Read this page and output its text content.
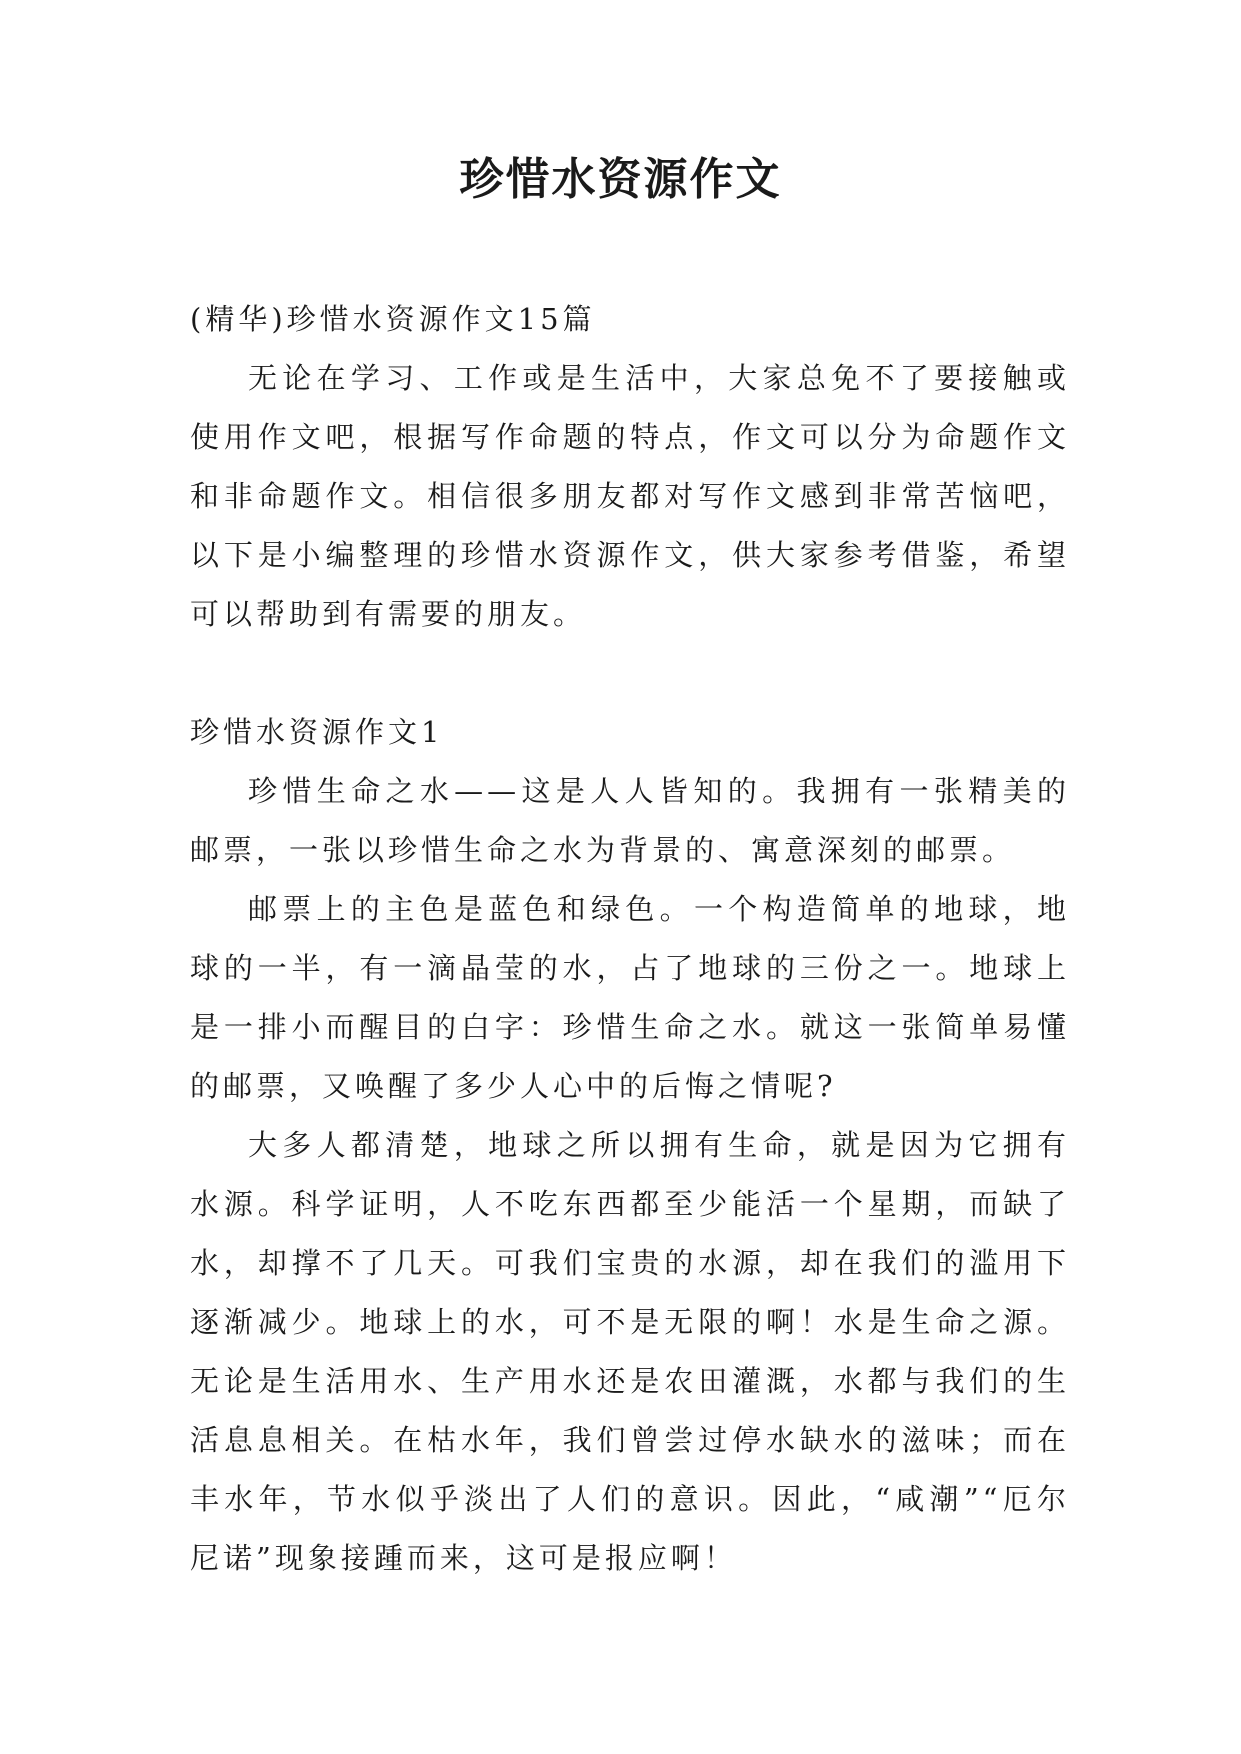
珍惜水资源作文

(精华)珍惜水资源作文15篇

无论在学习、工作或是生活中，大家总免不了要接触或使用作文吧，根据写作命题的特点，作文可以分为命题作文和非命题作文。相信很多朋友都对写作文感到非常苦恼吧，以下是小编整理的珍惜水资源作文，供大家参考借鉴，希望可以帮助到有需要的朋友。

珍惜水资源作文1

珍惜生命之水——这是人人皆知的。我拥有一张精美的邮票，一张以珍惜生命之水为背景的、寓意深刻的邮票。

邮票上的主色是蓝色和绿色。一个构造简单的地球，地球的一半，有一滴晶莹的水，占了地球的三份之一。地球上是一排小而醒目的白字：珍惜生命之水。就这一张简单易懂的邮票，又唤醒了多少人心中的后悔之情呢?

大多人都清楚，地球之所以拥有生命，就是因为它拥有水源。科学证明，人不吃东西都至少能活一个星期，而缺了水，却撑不了几天。可我们宝贵的水源，却在我们的滥用下逐渐减少。地球上的水，可不是无限的啊！水是生命之源。无论是生活用水、生产用水还是农田灌溉，水都与我们的生活息息相关。在枯水年，我们曾尝过停水缺水的滋味；而在丰水年，节水似乎淡出了人们的意识。因此，“咸潮”“厄尔尼诺”现象接踵而来，这可是报应啊！
